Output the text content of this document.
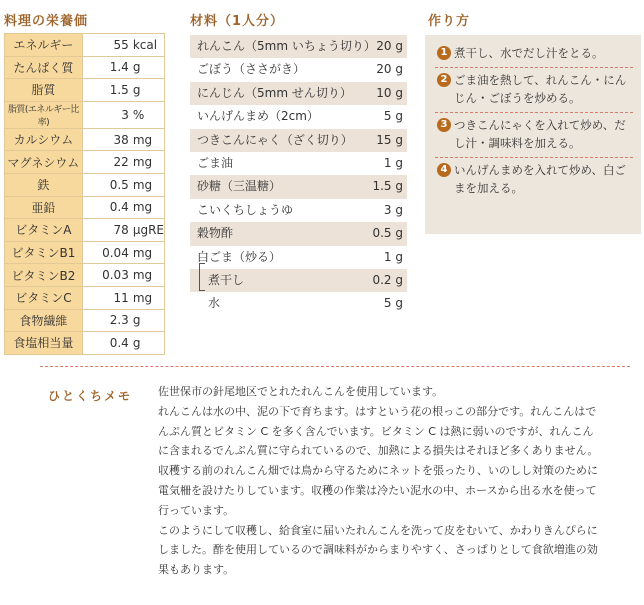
料理の栄養価	材料（1人分）	作り方
エネルギー	55 kcal
たんぱく質	1.4 g
脂質	1.5 g
脂質(エネルギー比率)	3 %
カルシウム	38 mg
マグネシウム	22 mg
鉄	0.5 mg
亜鉛	0.4 mg
ビタミンA	78 μgRE
ビタミンB1	0.04 mg
ビタミンB2	0.03 mg
ビタミンC	11 mg
食物繊維	2.3 g
食塩相当量	0.4 g
れんこん（5mm いちょう切り） 20 g
ごぼう（ささがき）	20 g
にんじん（5mm せん切り） 10 g
いんげんまめ（2cm）	5 g
つきこんにゃく（ざく切り） 15 g
ごま油	1 g
砂糖（三温糖）	1.5 g
こいくちしょうゆ	3 g
穀物酢	0.5 g
白ごま（炒る）	1 g
煮干し	0.2 g
水	5 g
1 煮干し、水でだし汁をとる。
2 ごま油を熱して、れんこん・にんじん・ごぼうを炒める。
3 つきこんにゃくを入れて炒め、だし汁・調味料を加える。
4 いんげんまめを入れて炒め、白ごまを加える。
ひとくちメモ 佐世保市の針尾地区でとれたれんこんを使用しています。

れんこんは水の中、泥の下で育ちます。はすという花の根っこの部分です。れんこんはでんぷん質とビタミン C を多く含んでいます。ビタミン C は熱に弱いのですが、れんこんに含まれるでんぷん質に守られているので、加熱による損失はそれほど多くありません。

収穫する前のれんこん畑では鳥から守るためにネットを張ったり、いのしし対策のために電気柵を設けたりしています。収穫の作業は冷たい泥水の中、ホースから出る水を使って行っています。

このようにして収穫し、給食室に届いたれんこんを洗って皮をむいて、かわりきんぴらにしました。酢を使用しているので調味料がからまりやすく、さっぱりとして食欲増進の効果もあります。
